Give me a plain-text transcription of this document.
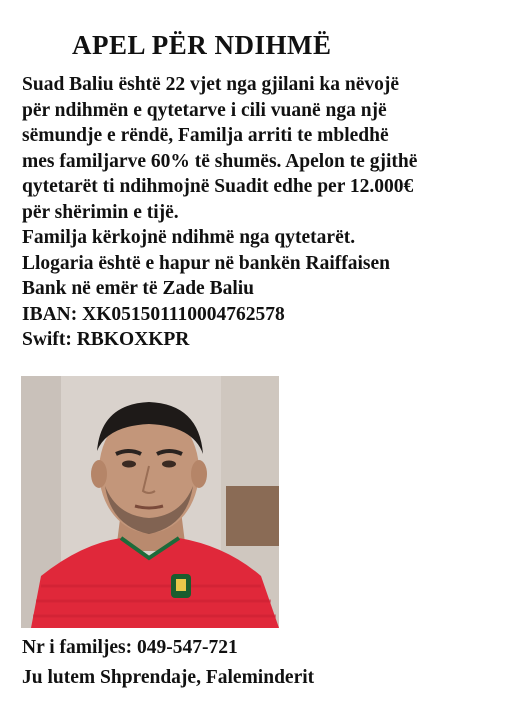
APEL PËR NDIHMË
Suad Baliu është 22 vjet nga gjilani ka nëvojë
për ndihmën e qytetarve i cili vuanë nga një
sëmundje e rëndë, Familja arriti te mbledhë
mes familjarve 60% të shumës. Apelon te gjithë
qytetarët ti ndihmojnë Suadit edhe per 12.000€
për shërimin e tijë.
Familja kërkojnë ndihmë nga qytetarët.
Llogaria është e hapur në bankën Raiffaisen
Bank në emër të Zade Baliu
IBAN: XK051501110004762578
Swift: RBKOXKPR
Nr i familjes: 049-547-721
Ju lutem Shprendaje, Faleminderit
